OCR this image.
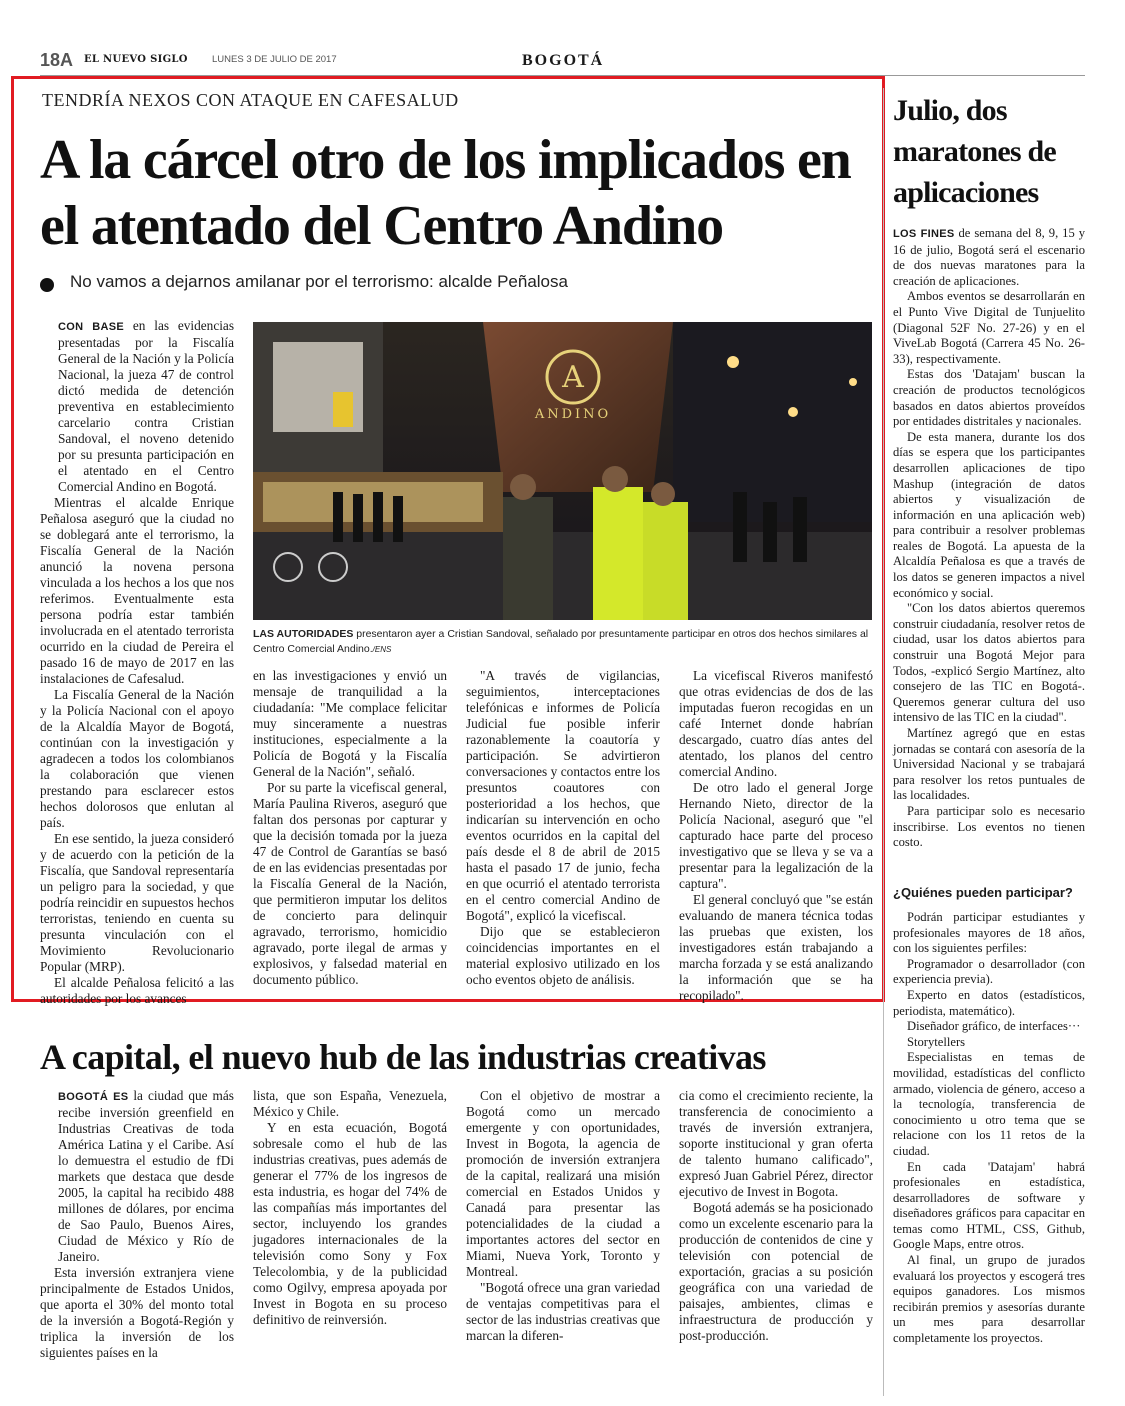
18A EL NUEVO SIGLO	LUNES 3 DE JULIO DE 2017	BOGOTÁ
TENDRÍA NEXOS CON ATAQUE EN CAFESALUD
A la cárcel otro de los implicados en el atentado del Centro Andino
No vamos a dejarnos amilanar por el terrorismo: alcalde Peñalosa

CON BASE en las evidencias presentadas por la Fiscalía General de la Nación y la Policía Nacional, la jueza 47 de control dictó medida de detención preventiva en establecimiento carcelario contra Cristian Sandoval, el noveno detenido por su presunta participación en el atentado en el Centro Comercial Andino en Bogotá.

Mientras el alcalde Enrique Peñalosa aseguró que la ciudad no se doblegará ante el terrorismo, la Fiscalía General de la Nación anunció la novena persona vinculada a los hechos a los que nos referimos. Eventualmente esta persona podría estar también involucrada en el atentado terrorista ocurrido en la ciudad de Pereira el pasado 16 de mayo de 2017 en las instalaciones de Cafesalud.

La Fiscalía General de la Nación y la Policía Nacional con el apoyo de la Alcaldía Mayor de Bogotá, continúan con la investigación y agradecen a todos los colombianos la colaboración que vienen prestando para esclarecer estos hechos dolorosos que enlutan al país.

En ese sentido, la jueza consideró y de acuerdo con la petición de la Fiscalía, que Sandoval representaría un peligro para la sociedad, y que podría reincidir en supuestos hechos terroristas, teniendo en cuenta su presunta vinculación con el Movimiento Revolucionario Popular (MRP).

El alcalde Peñalosa felicitó a las autoridades por los avances

A
ANDINO
LAS AUTORIDADES presentaron ayer a Cristian Sandoval, señalado por presuntamente participar en otros dos hechos similares al Centro Comercial Andino./ENS

en las investigaciones y envió un mensaje de tranquilidad a la ciudadanía: "Me complace felicitar muy sinceramente a nuestras instituciones, especialmente a la Policía de Bogotá y la Fiscalía General de la Nación", señaló.

Por su parte la vicefiscal general, María Paulina Riveros, aseguró que faltan dos personas por capturar y que la decisión tomada por la jueza 47 de Control de Garantías se basó de en las evidencias presentadas por la Fiscalía General de la Nación, que permitieron imputar los delitos de concierto para delinquir agravado, terrorismo, homicidio agravado, porte ilegal de armas y explosivos, y falsedad material en documento público.

"A través de vigilancias, seguimientos, interceptaciones telefónicas e informes de Policía Judicial fue posible inferir razonablemente la coautoría y participación. Se advirtieron conversaciones y contactos entre los presuntos coautores con posterioridad a los hechos, que indicarían su intervención en ocho eventos ocurridos en la capital del país desde el 8 de abril de 2015 hasta el pasado 17 de junio, fecha en que ocurrió el atentado terrorista en el centro comercial Andino de Bogotá", explicó la vicefiscal.

Dijo que se establecieron coincidencias importantes en el material explosivo utilizado en los ocho eventos objeto de análisis.

La vicefiscal Riveros manifestó que otras evidencias de dos de las imputadas fueron recogidas en un café Internet donde habrían descargado, cuatro días antes del atentado, los planos del centro comercial Andino.

De otro lado el general Jorge Hernando Nieto, director de la Policía Nacional, aseguró que "el capturado hace parte del proceso investigativo que se lleva y se va a presentar para la legalización de la captura".

El general concluyó que "se están evaluando de manera técnica todas las pruebas que existen, los investigadores están trabajando a marcha forzada y se está analizando la información que se ha recopilado".

Julio, dos maratones de aplicaciones

LOS FINES de semana del 8, 9, 15 y 16 de julio, Bogotá será el escenario de dos nuevas maratones para la creación de aplicaciones.

Ambos eventos se desarrollarán en el Punto Vive Digital de Tunjuelito (Diagonal 52F No. 27-26) y en el ViveLab Bogotá (Carrera 45 No. 26-33), respectivamente.

Estas dos 'Datajam' buscan la creación de productos tecnológicos basados en datos abiertos proveídos por entidades distritales y nacionales.

De esta manera, durante los dos días se espera que los participantes desarrollen aplicaciones de tipo Mashup (integración de datos abiertos y visualización de información en una aplicación web) para contribuir a resolver problemas reales de Bogotá. La apuesta de la Alcaldía Peñalosa es que a través de los datos se generen impactos a nivel económico y social.

"Con los datos abiertos queremos construir ciudadanía, resolver retos de ciudad, usar los datos abiertos para construir una Bogotá Mejor para Todos, -explicó Sergio Martínez, alto consejero de las TIC en Bogotá-. Queremos generar cultura del uso intensivo de las TIC en la ciudad".

Martínez agregó que en estas jornadas se contará con asesoría de la Universidad Nacional y se trabajará para resolver los retos puntuales de las localidades.

Para participar solo es necesario inscribirse. Los eventos no tienen costo.

¿Quiénes pueden participar?

Podrán participar estudiantes y profesionales mayores de 18 años, con los siguientes perfiles:

Programador o desarrollador (con experiencia previa).

Experto en datos (estadísticos, periodista, matemático).

Diseñador gráfico, de interfaces···

Storytellers

Especialistas en temas de movilidad, estadísticas del conflicto armado, violencia de género, acceso a la tecnología, transferencia de conocimiento u otro tema que se relacione con los 11 retos de la ciudad.

En cada 'Datajam' habrá profesionales en estadística, desarrolladores de software y diseñadores gráficos para capacitar en temas como HTML, CSS, Github, Google Maps, entre otros.

Al final, un grupo de jurados evaluará los proyectos y escogerá tres equipos ganadores. Los mismos recibirán premios y asesorías durante un mes para desarrollar completamente los proyectos.

A capital, el nuevo hub de las industrias creativas

BOGOTÁ ES la ciudad que más recibe inversión greenfield en Industrias Creativas de toda América Latina y el Caribe. Así lo demuestra el estudio de fDi markets que destaca que desde 2005, la capital ha recibido 488 millones de dólares, por encima de Sao Paulo, Buenos Aires, Ciudad de México y Río de Janeiro.

Esta inversión extranjera viene principalmente de Estados Unidos, que aporta el 30% del monto total de la inversión a Bogotá-Región y triplica la inversión de los siguientes países en la

lista, que son España, Venezuela, México y Chile.

Y en esta ecuación, Bogotá sobresale como el hub de las industrias creativas, pues además de generar el 77% de los ingresos de esta industria, es hogar del 74% de las compañías más importantes del sector, incluyendo los grandes jugadores internacionales de la televisión como Sony y Fox Telecolombia, y de la publicidad como Ogilvy, empresa apoyada por Invest in Bogota en su proceso definitivo de reinversión.

Con el objetivo de mostrar a Bogotá como un mercado emergente y con oportunidades, Invest in Bogota, la agencia de promoción de inversión extranjera de la capital, realizará una misión comercial en Estados Unidos y Canadá para presentar las potencialidades de la ciudad a importantes actores del sector en Miami, Nueva York, Toronto y Montreal.

"Bogotá ofrece una gran variedad de ventajas competitivas para el sector de las industrias creativas que marcan la diferen-

cia como el crecimiento reciente, la transferencia de conocimiento a través de inversión extranjera, soporte institucional y gran oferta de talento humano calificado", expresó Juan Gabriel Pérez, director ejecutivo de Invest in Bogota.

Bogotá además se ha posicionado como un excelente escenario para la producción de contenidos de cine y televisión con potencial de exportación, gracias a su posición geográfica con una variedad de paisajes, ambientes, climas e infraestructura de producción y post-producción.
